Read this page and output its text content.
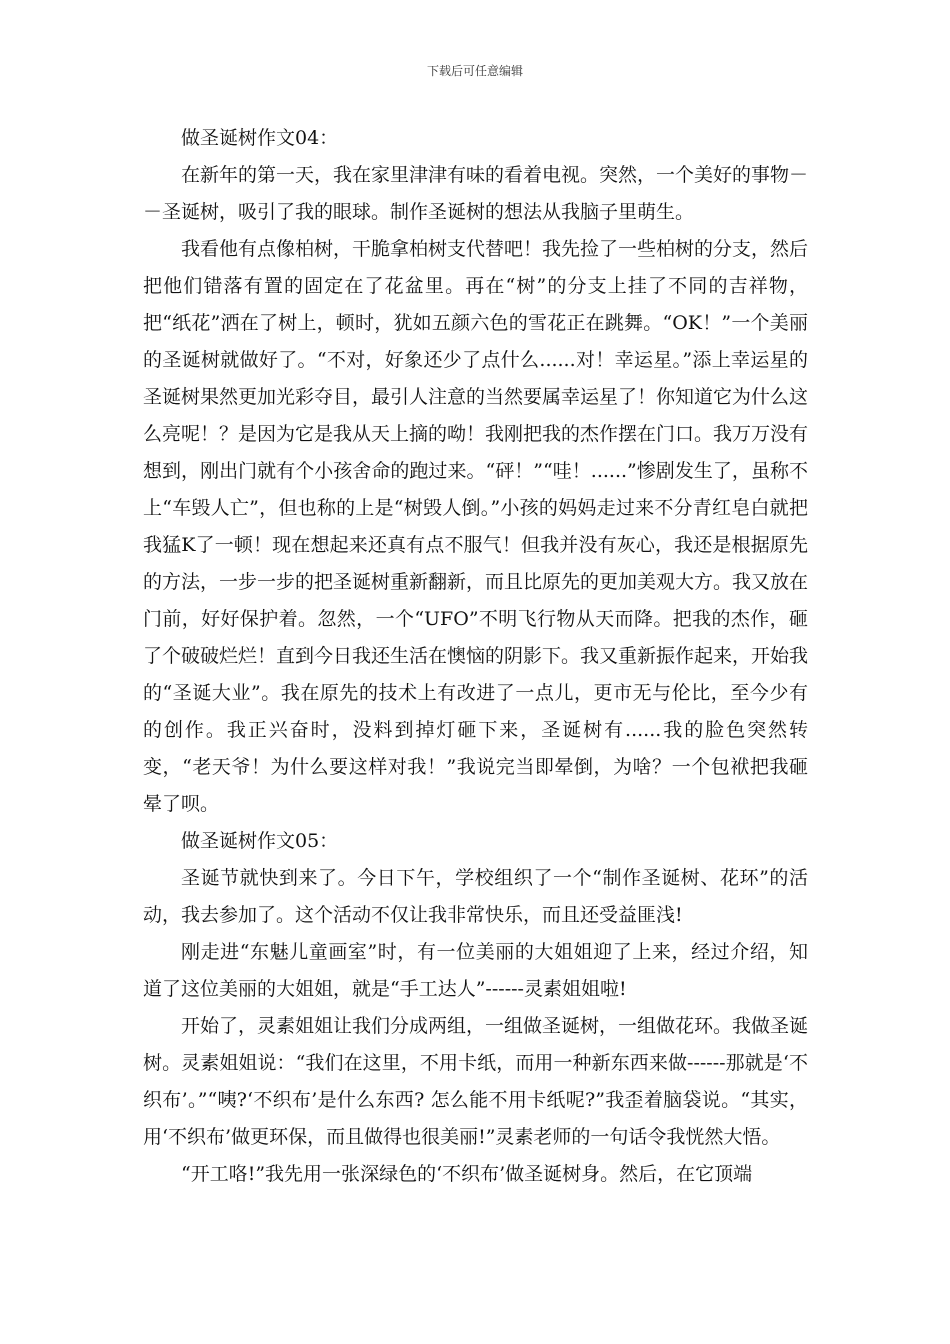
下载后可任意编辑

做圣诞树作文04：

在新年的第一天，我在家里津津有味的看着电视。突然，一个美好的事物－－圣诞树，吸引了我的眼球。制作圣诞树的想法从我脑子里萌生。

我看他有点像柏树，干脆拿柏树支代替吧！我先捡了一些柏树的分支，然后把他们错落有置的固定在了花盆里。再在“树”的分支上挂了不同的吉祥物，把“纸花”洒在了树上，顿时，犹如五颜六色的雪花正在跳舞。“OK！”一个美丽的圣诞树就做好了。“不对，好象还少了点什么......对！幸运星。”添上幸运星的圣诞树果然更加光彩夺目，最引人注意的当然要属幸运星了！你知道它为什么这么亮呢！？是因为它是我从天上摘的呦！我刚把我的杰作摆在门口。我万万没有想到，刚出门就有个小孩舍命的跑过来。“砰！”“哇！......”惨剧发生了，虽称不上“车毁人亡”，但也称的上是“树毁人倒。”小孩的妈妈走过来不分青红皂白就把我猛K了一顿！现在想起来还真有点不服气！但我并没有灰心，我还是根据原先的方法，一步一步的把圣诞树重新翻新，而且比原先的更加美观大方。我又放在门前，好好保护着。忽然，一个“UFO”不明飞行物从天而降。把我的杰作，砸了个破破烂烂！直到今日我还生活在懊恼的阴影下。我又重新振作起来，开始我的“圣诞大业”。我在原先的技术上有改进了一点儿，更市无与伦比，至今少有的创作。我正兴奋时，没料到掉灯砸下来，圣诞树有......我的脸色突然转变，“老天爷！为什么要这样对我！”我说完当即晕倒，为啥？一个包袱把我砸晕了呗。

做圣诞树作文05：

圣诞节就快到来了。今日下午，学校组织了一个“制作圣诞树、花环”的活动，我去参加了。这个活动不仅让我非常快乐，而且还受益匪浅!

刚走进“东魅儿童画室”时，有一位美丽的大姐姐迎了上来，经过介绍，知道了这位美丽的大姐姐，就是“手工达人”------灵素姐姐啦!

开始了，灵素姐姐让我们分成两组，一组做圣诞树，一组做花环。我做圣诞树。灵素姐姐说：“我们在这里，不用卡纸，而用一种新东西来做------那就是‘不织布’。”“咦?‘不织布’是什么东西? 怎么能不用卡纸呢?”我歪着脑袋说。“其实，用‘不织布’做更环保，而且做得也很美丽!”灵素老师的一句话令我恍然大悟。

“开工咯!”我先用一张深绿色的‘不织布’做圣诞树身。然后，在它顶端
